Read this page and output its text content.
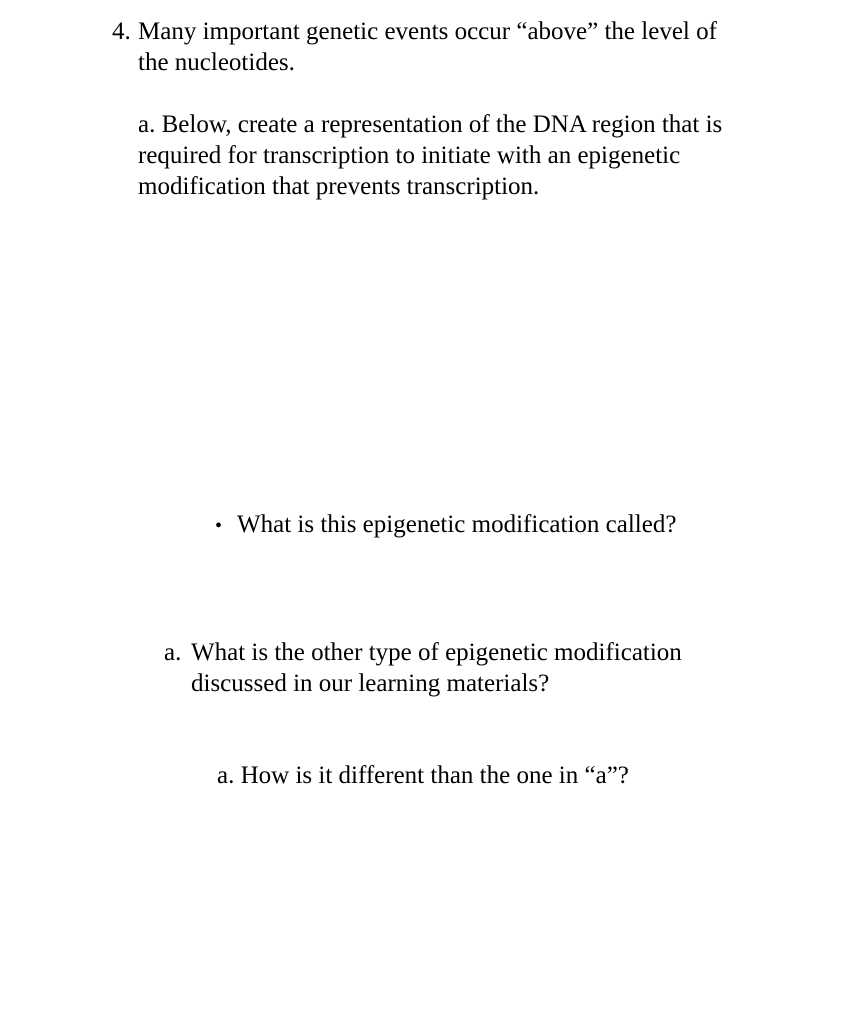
4. Many important genetic events occur “above” the level of
the nucleotides.
a. Below, create a representation of the DNA region that is
required for transcription to initiate with an epigenetic
modification that prevents transcription.
• What is this epigenetic modification called?
a. What is the other type of epigenetic modification
discussed in our learning materials?
a. How is it different than the one in “a”?
